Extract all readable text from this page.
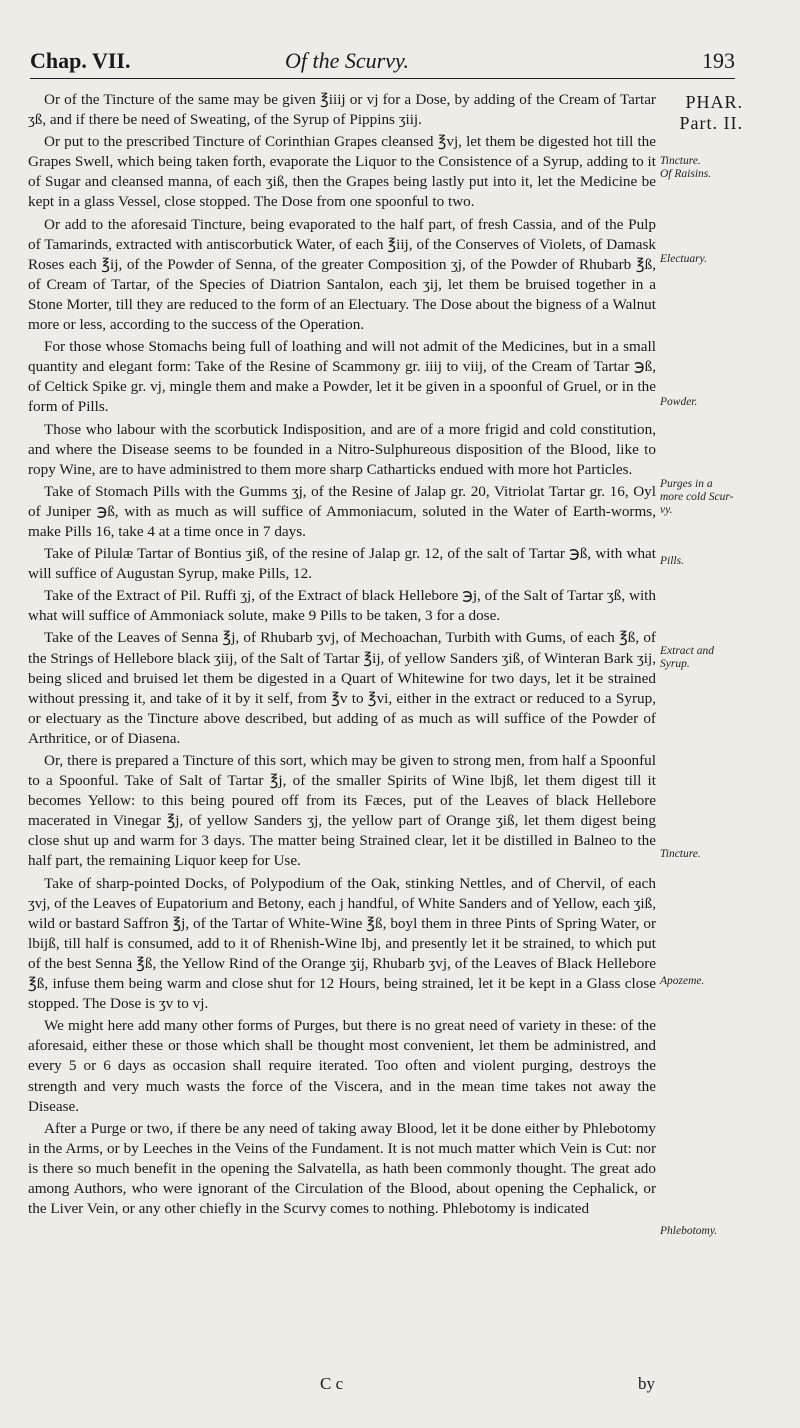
Chap. VII.	Of the Scurvy.	193
PHAR.
Part. II.

Or of the Tincture of the same may be given ℥iiij or vj for a Dose, by adding of the Cream of Tartar ʒß, and if there be need of Sweating, of the Syrup of Pippins ʒiij.

Or put to the prescribed Tincture of Corinthian Grapes cleansed ℥vj, let them be digested hot till the Grapes Swell, which being taken forth, evaporate the Liquor to the Consistence of a Syrup, adding to it of Sugar and cleansed manna, of each ʒiß, then the Grapes being lastly put into it, let the Medicine be kept in a glass Vessel, close stopped. The Dose from one spoonful to two.

Or add to the aforesaid Tincture, being evaporated to the half part, of fresh Cassia, and of the Pulp of Tamarinds, extracted with antiscorbutick Water, of each ℥iij, of the Conserves of Violets, of Damask Roses each ℥ij, of the Powder of Senna, of the greater Composition ʒj, of the Powder of Rhubarb ℥ß, of Cream of Tartar, of the Species of Diatrion Santalon, each ʒij, let them be bruised together in a Stone Morter, till they are reduced to the form of an Electuary. The Dose about the bigness of a Walnut more or less, according to the success of the Operation.

For those whose Stomachs being full of loathing and will not admit of the Medicines, but in a small quantity and elegant form: Take of the Resine of Scammony gr. iiij to viij, of the Cream of Tartar ℈ß, of Celtick Spike gr. vj, mingle them and make a Powder, let it be given in a spoonful of Gruel, or in the form of Pills.

Those who labour with the scorbutick Indisposition, and are of a more frigid and cold constitution, and where the Disease seems to be founded in a Nitro-Sulphureous disposition of the Blood, like to ropy Wine, are to have administred to them more sharp Catharticks endued with more hot Particles.

Take of Stomach Pills with the Gumms ʒj, of the Resine of Jalap gr. 20, Vitriolat Tartar gr. 16, Oyl of Juniper ℈ß, with as much as will suffice of Ammoniacum, soluted in the Water of Earth-worms, make Pills 16, take 4 at a time once in 7 days.

Take of Pilulæ Tartar of Bontius ʒiß, of the resine of Jalap gr. 12, of the salt of Tartar ℈ß, with what will suffice of Augustan Syrup, make Pills, 12.

Take of the Extract of Pil. Ruffi ʒj, of the Extract of black Hellebore ℈j, of the Salt of Tartar ʒß, with what will suffice of Ammoniack solute, make 9 Pills to be taken, 3 for a dose.

Take of the Leaves of Senna ℥j, of Rhubarb ʒvj, of Mechoachan, Turbith with Gums, of each ℥ß, of the Strings of Hellebore black ʒiij, of the Salt of Tartar ℥ij, of yellow Sanders ʒiß, of Winteran Bark ʒij, being sliced and bruised let them be digested in a Quart of Whitewine for two days, let it be strained without pressing it, and take of it by it self, from ℥v to ℥vi, either in the extract or reduced to a Syrup, or electuary as the Tincture above described, but adding of as much as will suffice of the Powder of Arthritice, or of Diasena.

Or, there is prepared a Tincture of this sort, which may be given to strong men, from half a Spoonful to a Spoonful. Take of Salt of Tartar ℥j, of the smaller Spirits of Wine lbjß, let them digest till it becomes Yellow: to this being poured off from its Fæces, put of the Leaves of black Hellebore macerated in Vinegar ℥j, of yellow Sanders ʒj, the yellow part of Orange ʒiß, let them digest being close shut up and warm for 3 days. The matter being Strained clear, let it be distilled in Balneo to the half part, the remaining Liquor keep for Use.

Take of sharp-pointed Docks, of Polypodium of the Oak, stinking Nettles, and of Chervil, of each ʒvj, of the Leaves of Eupatorium and Betony, each j handful, of White Sanders and of Yellow, each ʒiß, wild or bastard Saffron ℥j, of the Tartar of White-Wine ℥ß, boyl them in three Pints of Spring Water, or lbijß, till half is consumed, add to it of Rhenish-Wine lbj, and presently let it be strained, to which put of the best Senna ℥ß, the Yellow Rind of the Orange ʒij, Rhubarb ʒvj, of the Leaves of Black Hellebore ℥ß, infuse them being warm and close shut for 12 Hours, being strained, let it be kept in a Glass close stopped. The Dose is ʒv to vj.

We might here add many other forms of Purges, but there is no great need of variety in these: of the aforesaid, either these or those which shall be thought most convenient, let them be administred, and every 5 or 6 days as occasion shall require iterated. Too often and violent purging, destroys the strength and very much wasts the force of the Viscera, and in the mean time takes not away the Disease.

After a Purge or two, if there be any need of taking away Blood, let it be done either by Phlebotomy in the Arms, or by Leeches in the Veins of the Fundament. It is not much matter which Vein is Cut: nor is there so much benefit in the opening the Salvatella, as hath been commonly thought. The great ado among Authors, who were ignorant of the Circulation of the Blood, about opening the Cephalick, or the Liver Vein, or any other chiefly in the Scurvy comes to nothing. Phlebotomy is indicated

Tincture.
Of Raisins.
Electuary.
Powder.
Purges in a
more cold Scur-
vy.
Pills.
Extract and
Syrup.
Tincture.
Apozeme.
Phlebotomy.
C c	by
